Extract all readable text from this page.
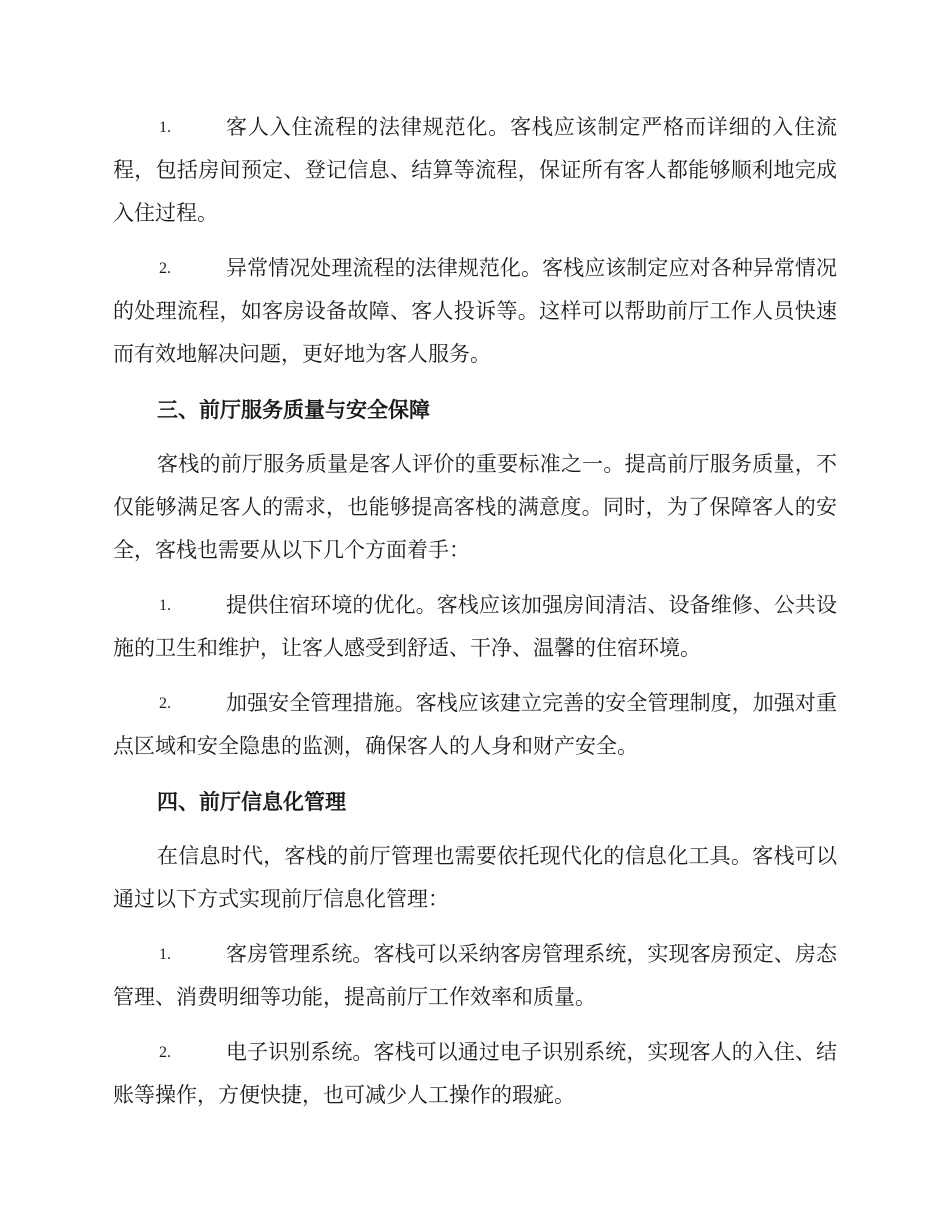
1.	客人入住流程的法律规范化。客栈应该制定严格而详细的入住流程，包括房间预定、登记信息、结算等流程，保证所有客人都能够顺利地完成入住过程。
2.	异常情况处理流程的法律规范化。客栈应该制定应对各种异常情况的处理流程，如客房设备故障、客人投诉等。这样可以帮助前厅工作人员快速而有效地解决问题，更好地为客人服务。
三、前厅服务质量与安全保障
客栈的前厅服务质量是客人评价的重要标准之一。提高前厅服务质量，不仅能够满足客人的需求，也能够提高客栈的满意度。同时，为了保障客人的安全，客栈也需要从以下几个方面着手：
1.	提供住宿环境的优化。客栈应该加强房间清洁、设备维修、公共设施的卫生和维护，让客人感受到舒适、干净、温馨的住宿环境。
2.	加强安全管理措施。客栈应该建立完善的安全管理制度，加强对重点区域和安全隐患的监测，确保客人的人身和财产安全。
四、前厅信息化管理
在信息时代，客栈的前厅管理也需要依托现代化的信息化工具。客栈可以通过以下方式实现前厅信息化管理：
1.	客房管理系统。客栈可以采纳客房管理系统，实现客房预定、房态管理、消费明细等功能，提高前厅工作效率和质量。
2.	电子识别系统。客栈可以通过电子识别系统，实现客人的入住、结账等操作，方便快捷，也可减少人工操作的瑕疵。
